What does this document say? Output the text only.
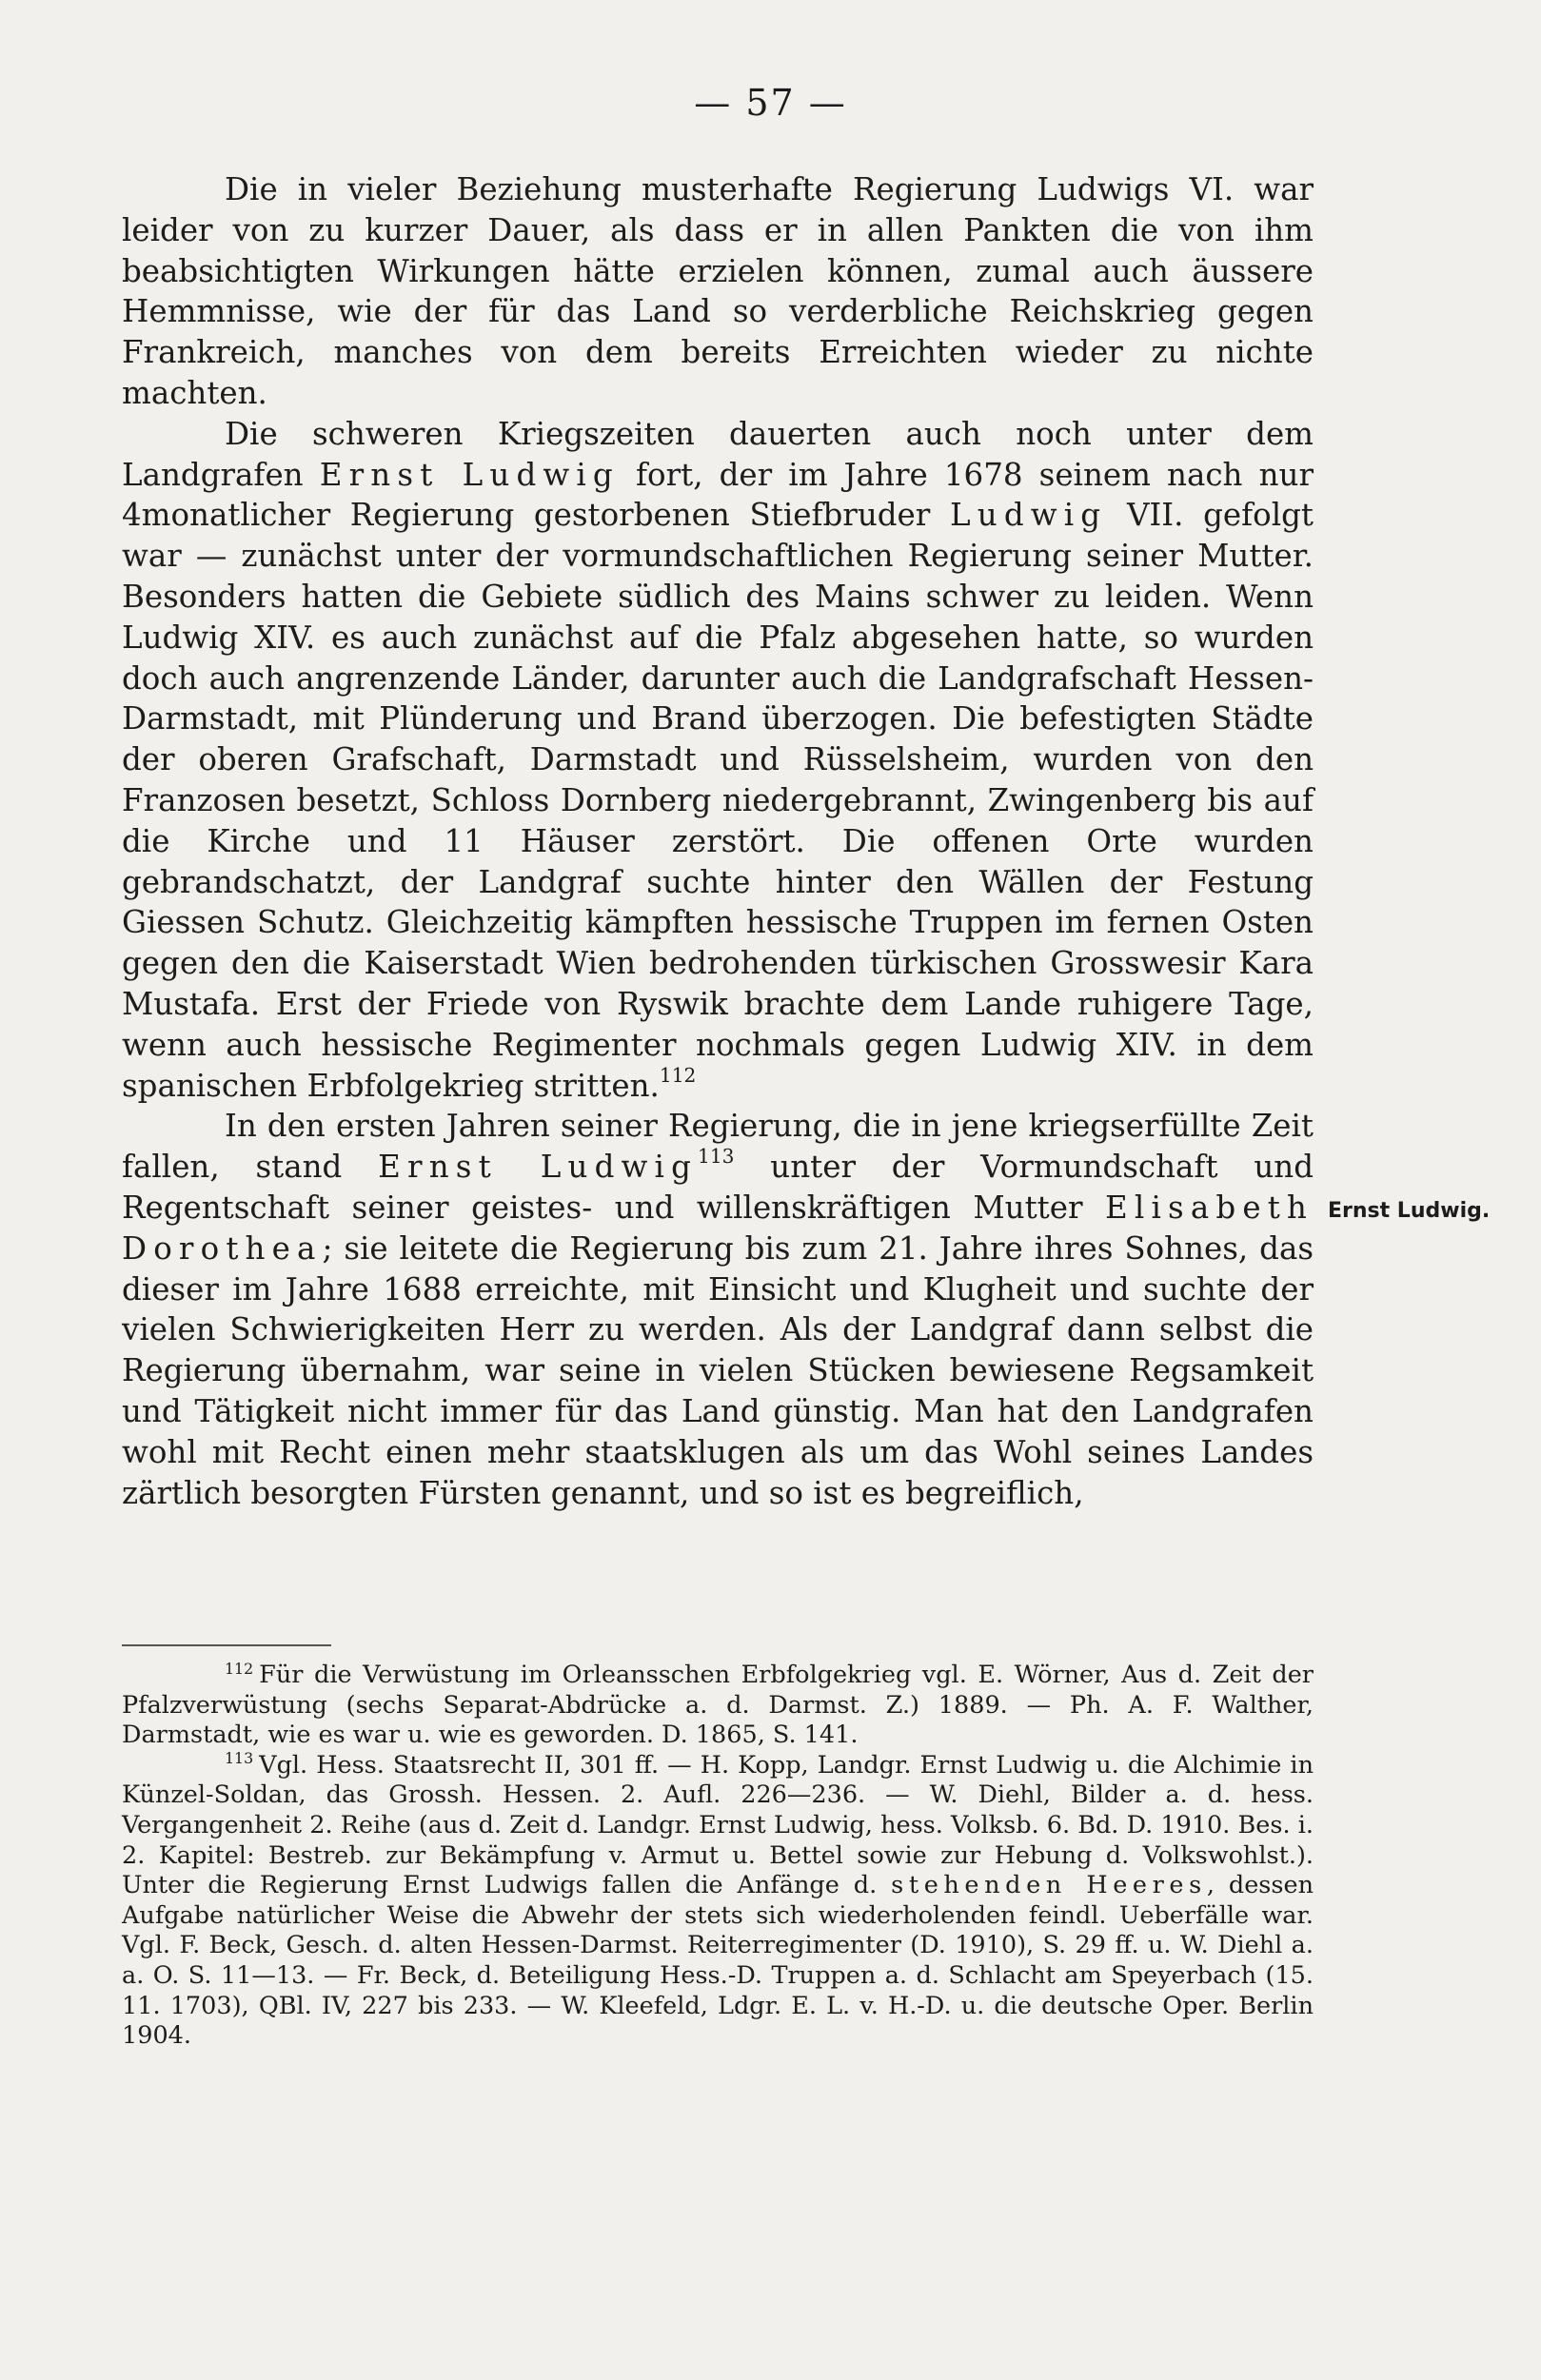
— 57 —

Die in vieler Beziehung musterhafte Regierung Ludwigs VI. war leider von zu kurzer Dauer, als dass er in allen Pankten die von ihm beabsichtigten Wirkungen hätte erzielen können, zumal auch äussere Hemmnisse, wie der für das Land so verderbliche Reichskrieg gegen Frankreich, manches von dem bereits Erreichten wieder zu nichte machten.

Die schweren Kriegszeiten dauerten auch noch unter dem Landgrafen Ernst Ludwig fort, der im Jahre 1678 seinem nach nur 4monatlicher Regierung gestorbenen Stiefbruder Ludwig VII. gefolgt war — zunächst unter der vormundschaftlichen Regierung seiner Mutter. Besonders hatten die Gebiete südlich des Mains schwer zu leiden. Wenn Ludwig XIV. es auch zunächst auf die Pfalz abgesehen hatte, so wurden doch auch angrenzende Länder, darunter auch die Landgrafschaft Hessen-Darmstadt, mit Plünderung und Brand überzogen. Die befestigten Städte der oberen Grafschaft, Darmstadt und Rüsselsheim, wurden von den Franzosen besetzt, Schloss Dornberg niedergebrannt, Zwingenberg bis auf die Kirche und 11 Häuser zerstört. Die offenen Orte wurden gebrandschatzt, der Landgraf suchte hinter den Wällen der Festung Giessen Schutz. Gleichzeitig kämpften hessische Truppen im fernen Osten gegen den die Kaiserstadt Wien bedrohenden türkischen Grosswesir Kara Mustafa. Erst der Friede von Ryswik brachte dem Lande ruhigere Tage, wenn auch hessische Regimenter nochmals gegen Ludwig XIV. in dem spanischen Erbfolgekrieg stritten.$^{112}$

In den ersten Jahren seiner Regierung, die in jene kriegserfüllte Zeit fallen, stand Ernst Ludwig$^{113}$ unter der Vormundschaft und Regentschaft seiner geistes- und willenskräftigen Mutter Elisabeth Dorothea; sie leitete die Regierung bis zum 21. Jahre ihres Sohnes, das dieser im Jahre 1688 erreichte, mit Einsicht und Klugheit und suchte der vielen Schwierigkeiten Herr zu werden. Als der Landgraf dann selbst die Regierung übernahm, war seine in vielen Stücken bewiesene Regsamkeit und Tätigkeit nicht immer für das Land günstig. Man hat den Landgrafen wohl mit Recht einen mehr staatsklugen als um das Wohl seines Landes zärtlich besorgten Fürsten genannt, und so ist es begreiflich,

Ernst Ludwig.

$^{112}$ Für die Verwüstung im Orleansschen Erbfolgekrieg vgl. E. Wörner, Aus d. Zeit der Pfalzverwüstung (sechs Separat-Abdrücke a. d. Darmst. Z.) 1889. — Ph. A. F. Walther, Darmstadt, wie es war u. wie es geworden. D. 1865, S. 141.

$^{113}$ Vgl. Hess. Staatsrecht II, 301 ff. — H. Kopp, Landgr. Ernst Ludwig u. die Alchimie in Künzel-Soldan, das Grossh. Hessen. 2. Aufl. 226—236. — W. Diehl, Bilder a. d. hess. Vergangenheit 2. Reihe (aus d. Zeit d. Landgr. Ernst Ludwig, hess. Volksb. 6. Bd. D. 1910. Bes. i. 2. Kapitel: Bestreb. zur Bekämpfung v. Armut u. Bettel sowie zur Hebung d. Volkswohlst.). Unter die Regierung Ernst Ludwigs fallen die Anfänge d. stehenden Heeres, dessen Aufgabe natürlicher Weise die Abwehr der stets sich wiederholenden feindl. Ueberfälle war. Vgl. F. Beck, Gesch. d. alten Hessen-Darmst. Reiterregimenter (D. 1910), S. 29 ff. u. W. Diehl a. a. O. S. 11—13. — Fr. Beck, d. Beteiligung Hess.-D. Truppen a. d. Schlacht am Speyerbach (15. 11. 1703), QBl. IV, 227 bis 233. — W. Kleefeld, Ldgr. E. L. v. H.-D. u. die deutsche Oper. Berlin 1904.
